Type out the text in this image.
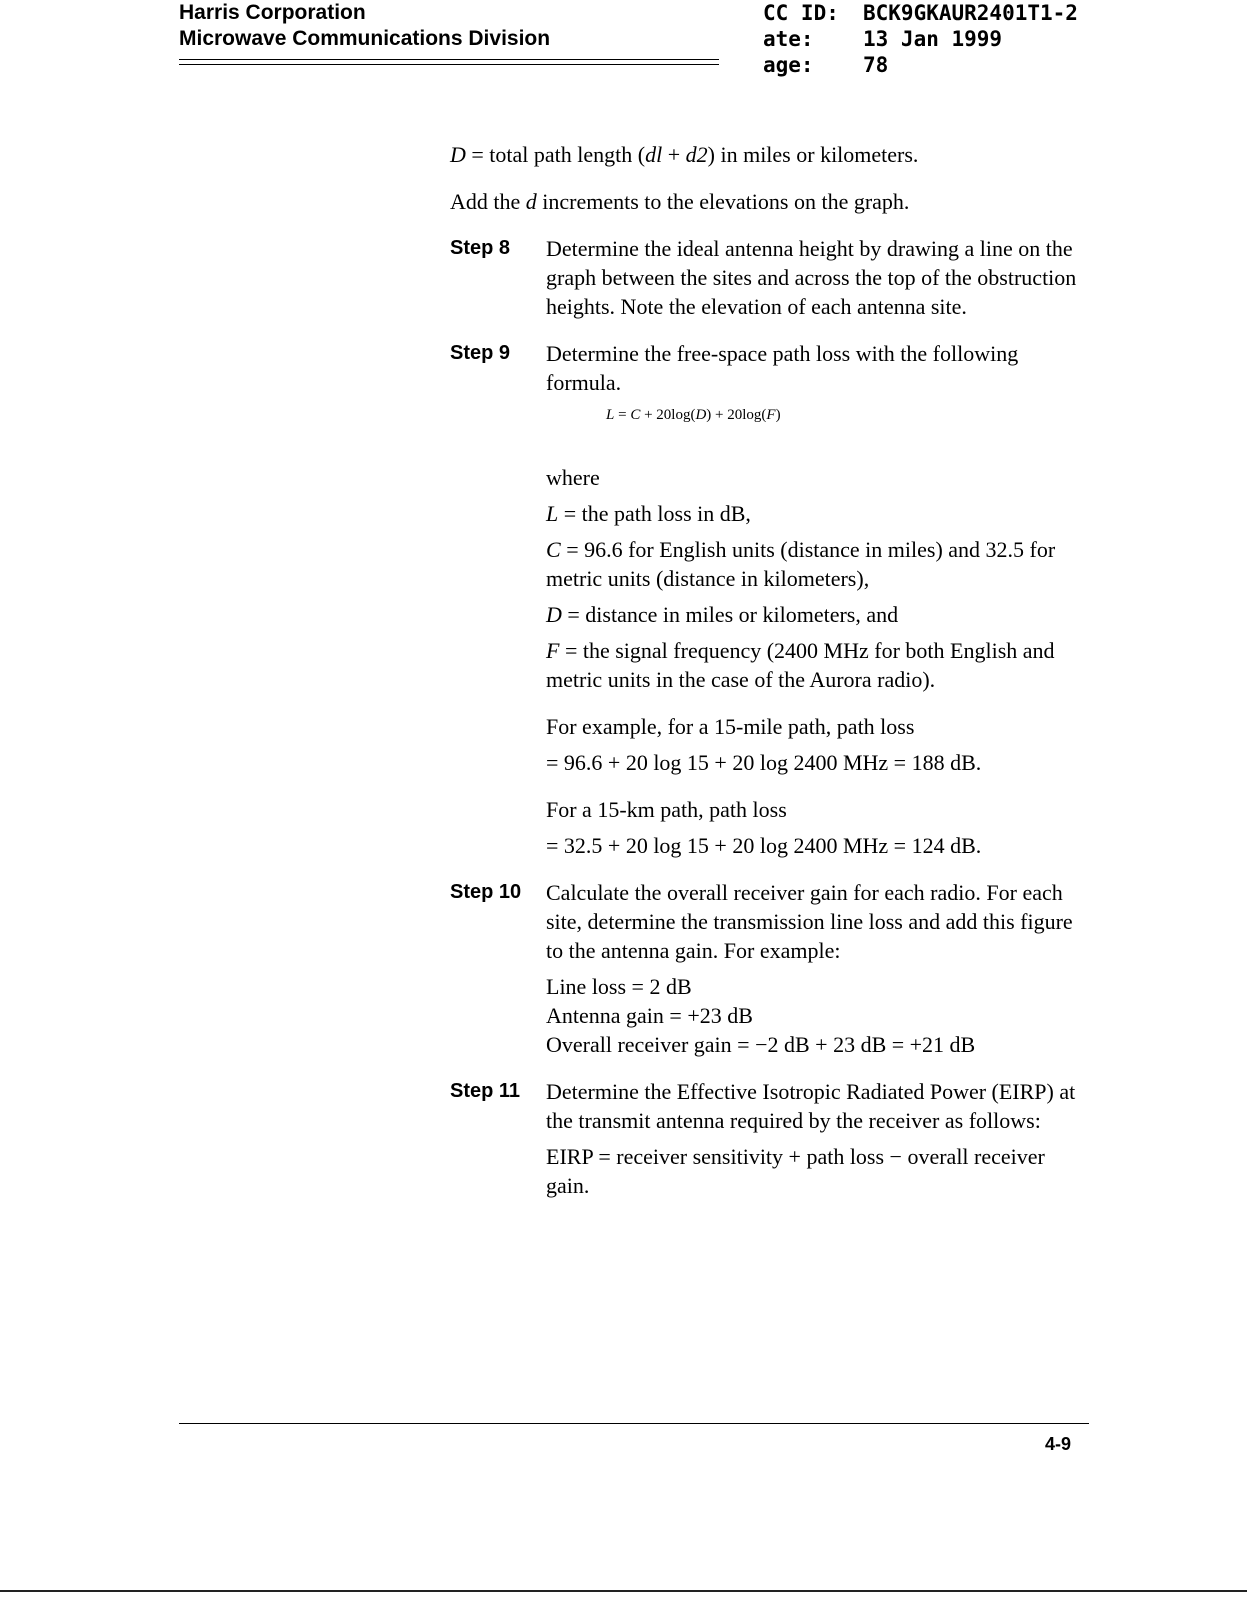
Harris Corporation
Microwave Communications Division
CC ID:	BCK9GKAUR2401T1-2
ate:	13 Jan 1999
age:	78

D = total path length (dl + d2) in miles or kilometers.

Add the d increments to the elevations on the graph.

Step 8	Determine the ideal antenna height by drawing a line on the graph between the sites and across the top of the obstruction heights. Note the elevation of each antenna site.
Step 9	Determine the free-space path loss with the following formula.
L = C + 20log(D) + 20log(F)

where

L = the path loss in dB,

C = 96.6 for English units (distance in miles) and 32.5 for metric units (distance in kilometers),

D = distance in miles or kilometers, and

F = the signal frequency (2400 MHz for both English and metric units in the case of the Aurora radio).

For example, for a 15-mile path, path loss

= 96.6 + 20 log 15 + 20 log 2400 MHz = 188 dB.

For a 15-km path, path loss

= 32.5 + 20 log 15 + 20 log 2400 MHz = 124 dB.

Step 10	Calculate the overall receiver gain for each radio. For each site, determine the transmission line loss and add this figure to the antenna gain. For example:
Line loss = 2 dB
Antenna gain = +23 dB
Overall receiver gain = −2 dB + 23 dB = +21 dB
Step 11	Determine the Effective Isotropic Radiated Power (EIRP) at the transmit antenna required by the receiver as follows:

EIRP = receiver sensitivity + path loss − overall receiver gain.

4-9
